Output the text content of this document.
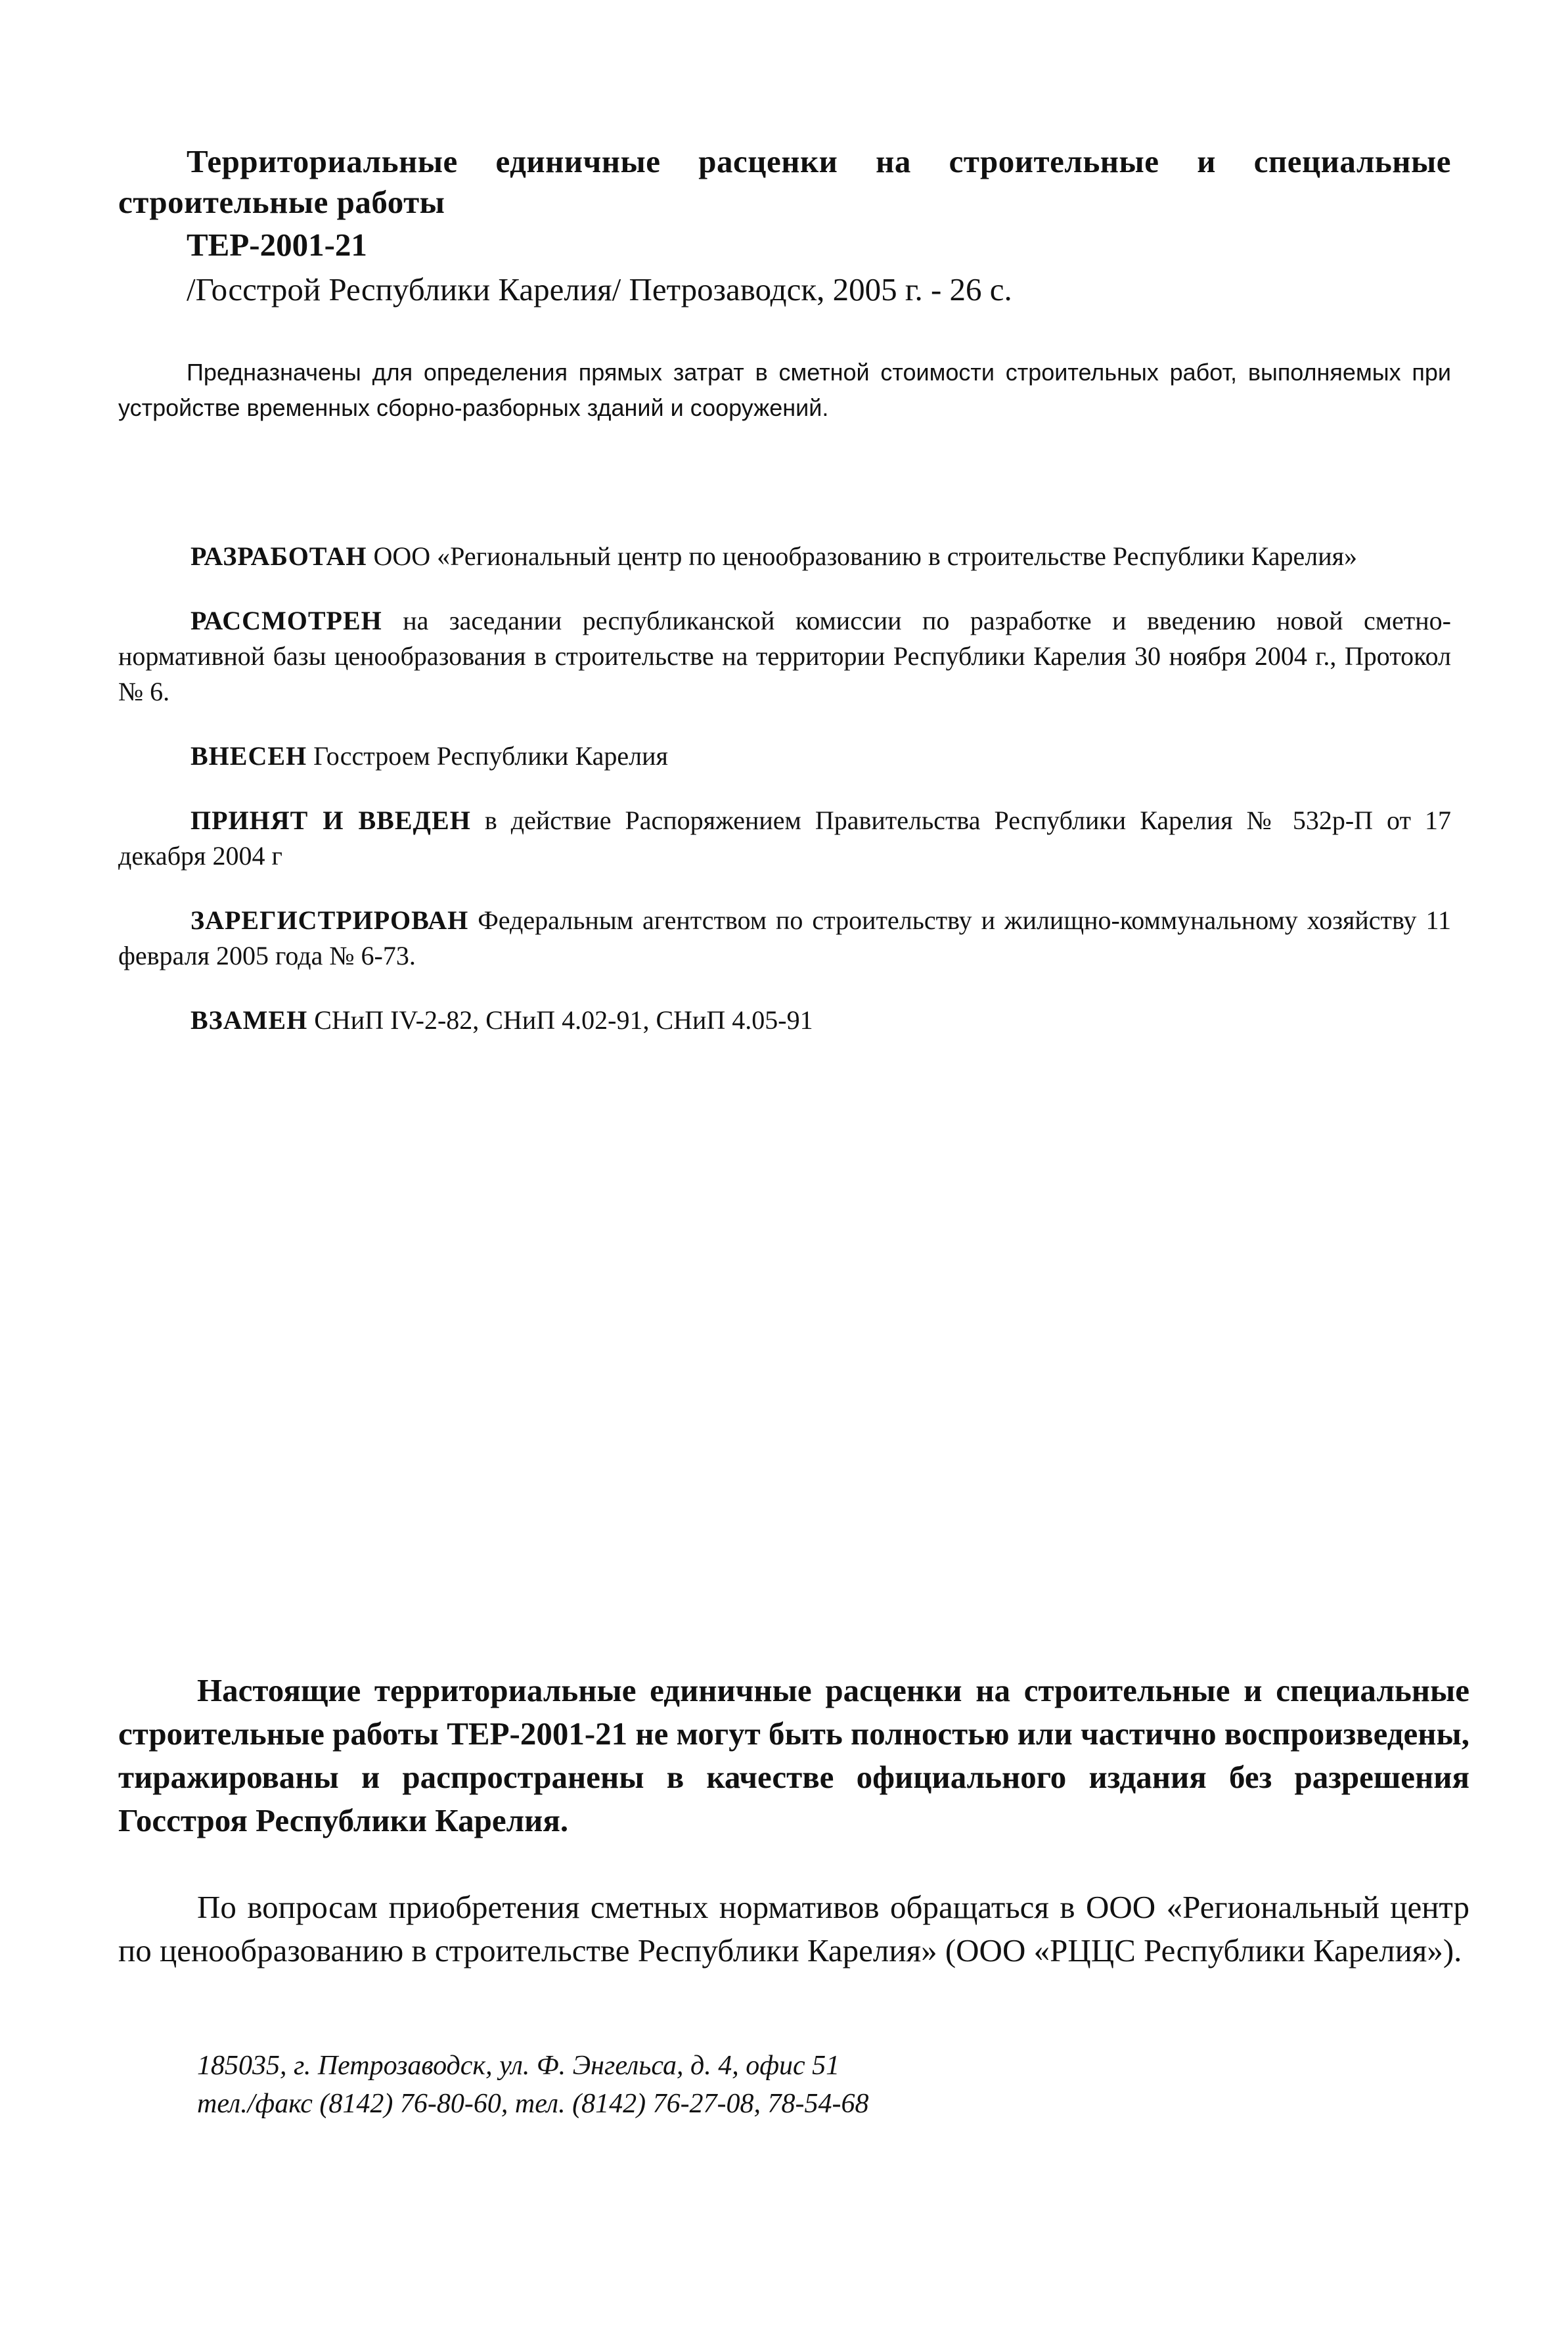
Территориальные единичные расценки на строительные и специальные строительные работы

ТЕР-2001-21

/Госстрой Республики Карелия/ Петрозаводск, 2005 г. - 26 с.

Предназначены для определения прямых затрат в сметной стоимости строительных работ, выполняемых при устройстве временных сборно-разборных зданий и сооружений.

РАЗРАБОТАН ООО «Региональный центр по ценообразованию в строительстве Республики Карелия»

РАССМОТРЕН на заседании республиканской комиссии по разработке и введению новой сметно-нормативной базы ценообразования в строительстве на территории Республики Карелия 30 ноября 2004 г., Протокол № 6.

ВНЕСЕН Госстроем Республики Карелия

ПРИНЯТ И ВВЕДЕН в действие Распоряжением Правительства Республики Карелия № 532р-П от 17 декабря 2004 г

ЗАРЕГИСТРИРОВАН Федеральным агентством по строительству и жилищно-коммунальному хозяйству 11 февраля 2005 года № 6-73.

ВЗАМЕН СНиП IV-2-82, СНиП 4.02-91, СНиП 4.05-91

Настоящие территориальные единичные расценки на строительные и специальные строительные работы ТЕР-2001-21 не могут быть полностью или частично воспроизведены, тиражированы и распространены в качестве официального издания без разрешения Госстроя Республики Карелия.

По вопросам приобретения сметных нормативов обращаться в ООО «Региональный центр по ценообразованию в строительстве Республики Карелия» (ООО «РЦЦС Республики Карелия»).

185035, г. Петрозаводск, ул. Ф. Энгельса, д. 4, офис 51
тел./факс (8142) 76-80-60, тел. (8142) 76-27-08, 78-54-68
